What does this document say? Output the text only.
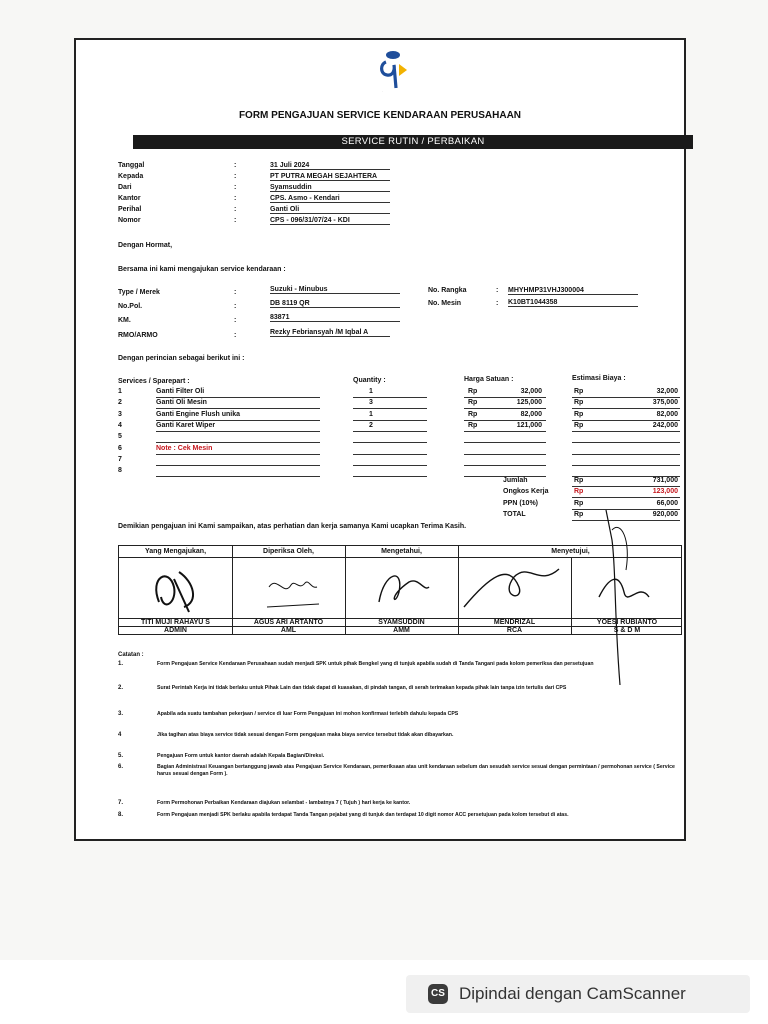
·
FORM PENGAJUAN SERVICE KENDARAAN PERUSAHAAN
SERVICE RUTIN / PERBAIKAN
Tanggal	:	31 Juli 2024
Kepada	:	PT PUTRA MEGAH SEJAHTERA
Dari	:	Syamsuddin
Kantor	:	CPS. Asmo - Kendari
Perihal	:	Ganti Oli
Nomor	:	CPS - 096/31/07/24 - KDI
Dengan Hormat,
Bersama ini kami mengajukan service kendaraan :
Type / Merek	:	Suzuki - Minubus
No.Pol.	:	DB 8119 QR
KM.	:	83871
RMO/ARMO	:	Rezky Febriansyah /M Iqbal A
No. Rangka	: MHYHMP31VHJ300004
No. Mesin	: K10BT1044358
Dengan perincian sebagai berikut ini :
Services / Sparepart :	Quantity :	Harga Satuan :	Estimasi Biaya :
1	Ganti Filter Oli	1	Rp	32,000	Rp	32,000
2	Ganti Oli Mesin	3	Rp	125,000	Rp	375,000
3	Ganti Engine Flush unika	1	Rp	82,000	Rp	82,000
4	Ganti Karet Wiper	2	Rp	121,000	Rp	242,000
5
6	Note : Cek Mesin
7
8
Jumlah	Rp	731,000
Ongkos Kerja	Rp	123,000
PPN (10%)	Rp	66,000
TOTAL	Rp	920,000
Demikian pengajuan ini Kami sampaikan, atas perhatian dan kerja samanya Kami ucapkan Terima Kasih.
Yang Mengajukan,	Diperiksa Oleh,	Mengetahui,	Menyetujui,
TITI MUJI RAHAYU S	AGUS ARI ARTANTO	SYAMSUDDIN	MENDRIZAL	YOESI RUBIANTO
ADMIN	AML	AMM	RCA	S & D M
Catatan :
1.	Form Pengajuan Service Kendaraan Perusahaan sudah menjadi SPK untuk pihak Bengkel yang di tunjuk apabila sudah di Tanda Tangani pada kolom pemeriksa dan persetujuan
2.	Surat Perintah Kerja ini tidak berlaku untuk Pihak Lain dan tidak dapat di kuasakan, di pindah tangan, di serah terimakan kepada pihak lain tanpa izin tertulis dari CPS
3.	Apabila ada suatu tambahan pekerjaan / service di luar Form Pengajuan ini mohon konfirmasi terlebih dahulu kepada CPS
4	Jika tagihan atas biaya service tidak sesuai dengan Form pengajuan maka biaya service tersebut tidak akan dibayarkan.
5.	Pengajuan Form untuk kantor daerah adalah Kepala Bagian/Direksi.
6.	Bagian Administrasi Keuangan bertanggung jawab atas Pengajuan Service Kendaraan, pemeriksaan atas unit kendaraan sebelum dan sesudah service sesuai dengan permintaan / permohonan service ( Service harus sesuai dengan Form ).
7.	Form Permohonan Perbaikan Kendaraan diajukan selambat - lambatnya 7 ( Tujuh ) hari kerja ke kantor.
8.	Form Pengajuan menjadi SPK berlaku apabila terdapat Tanda Tangan pejabat yang di tunjuk dan terdapat 10 digit nomor ACC persetujuan pada kolom tersebut di atas.
CS Dipindai dengan CamScanner
